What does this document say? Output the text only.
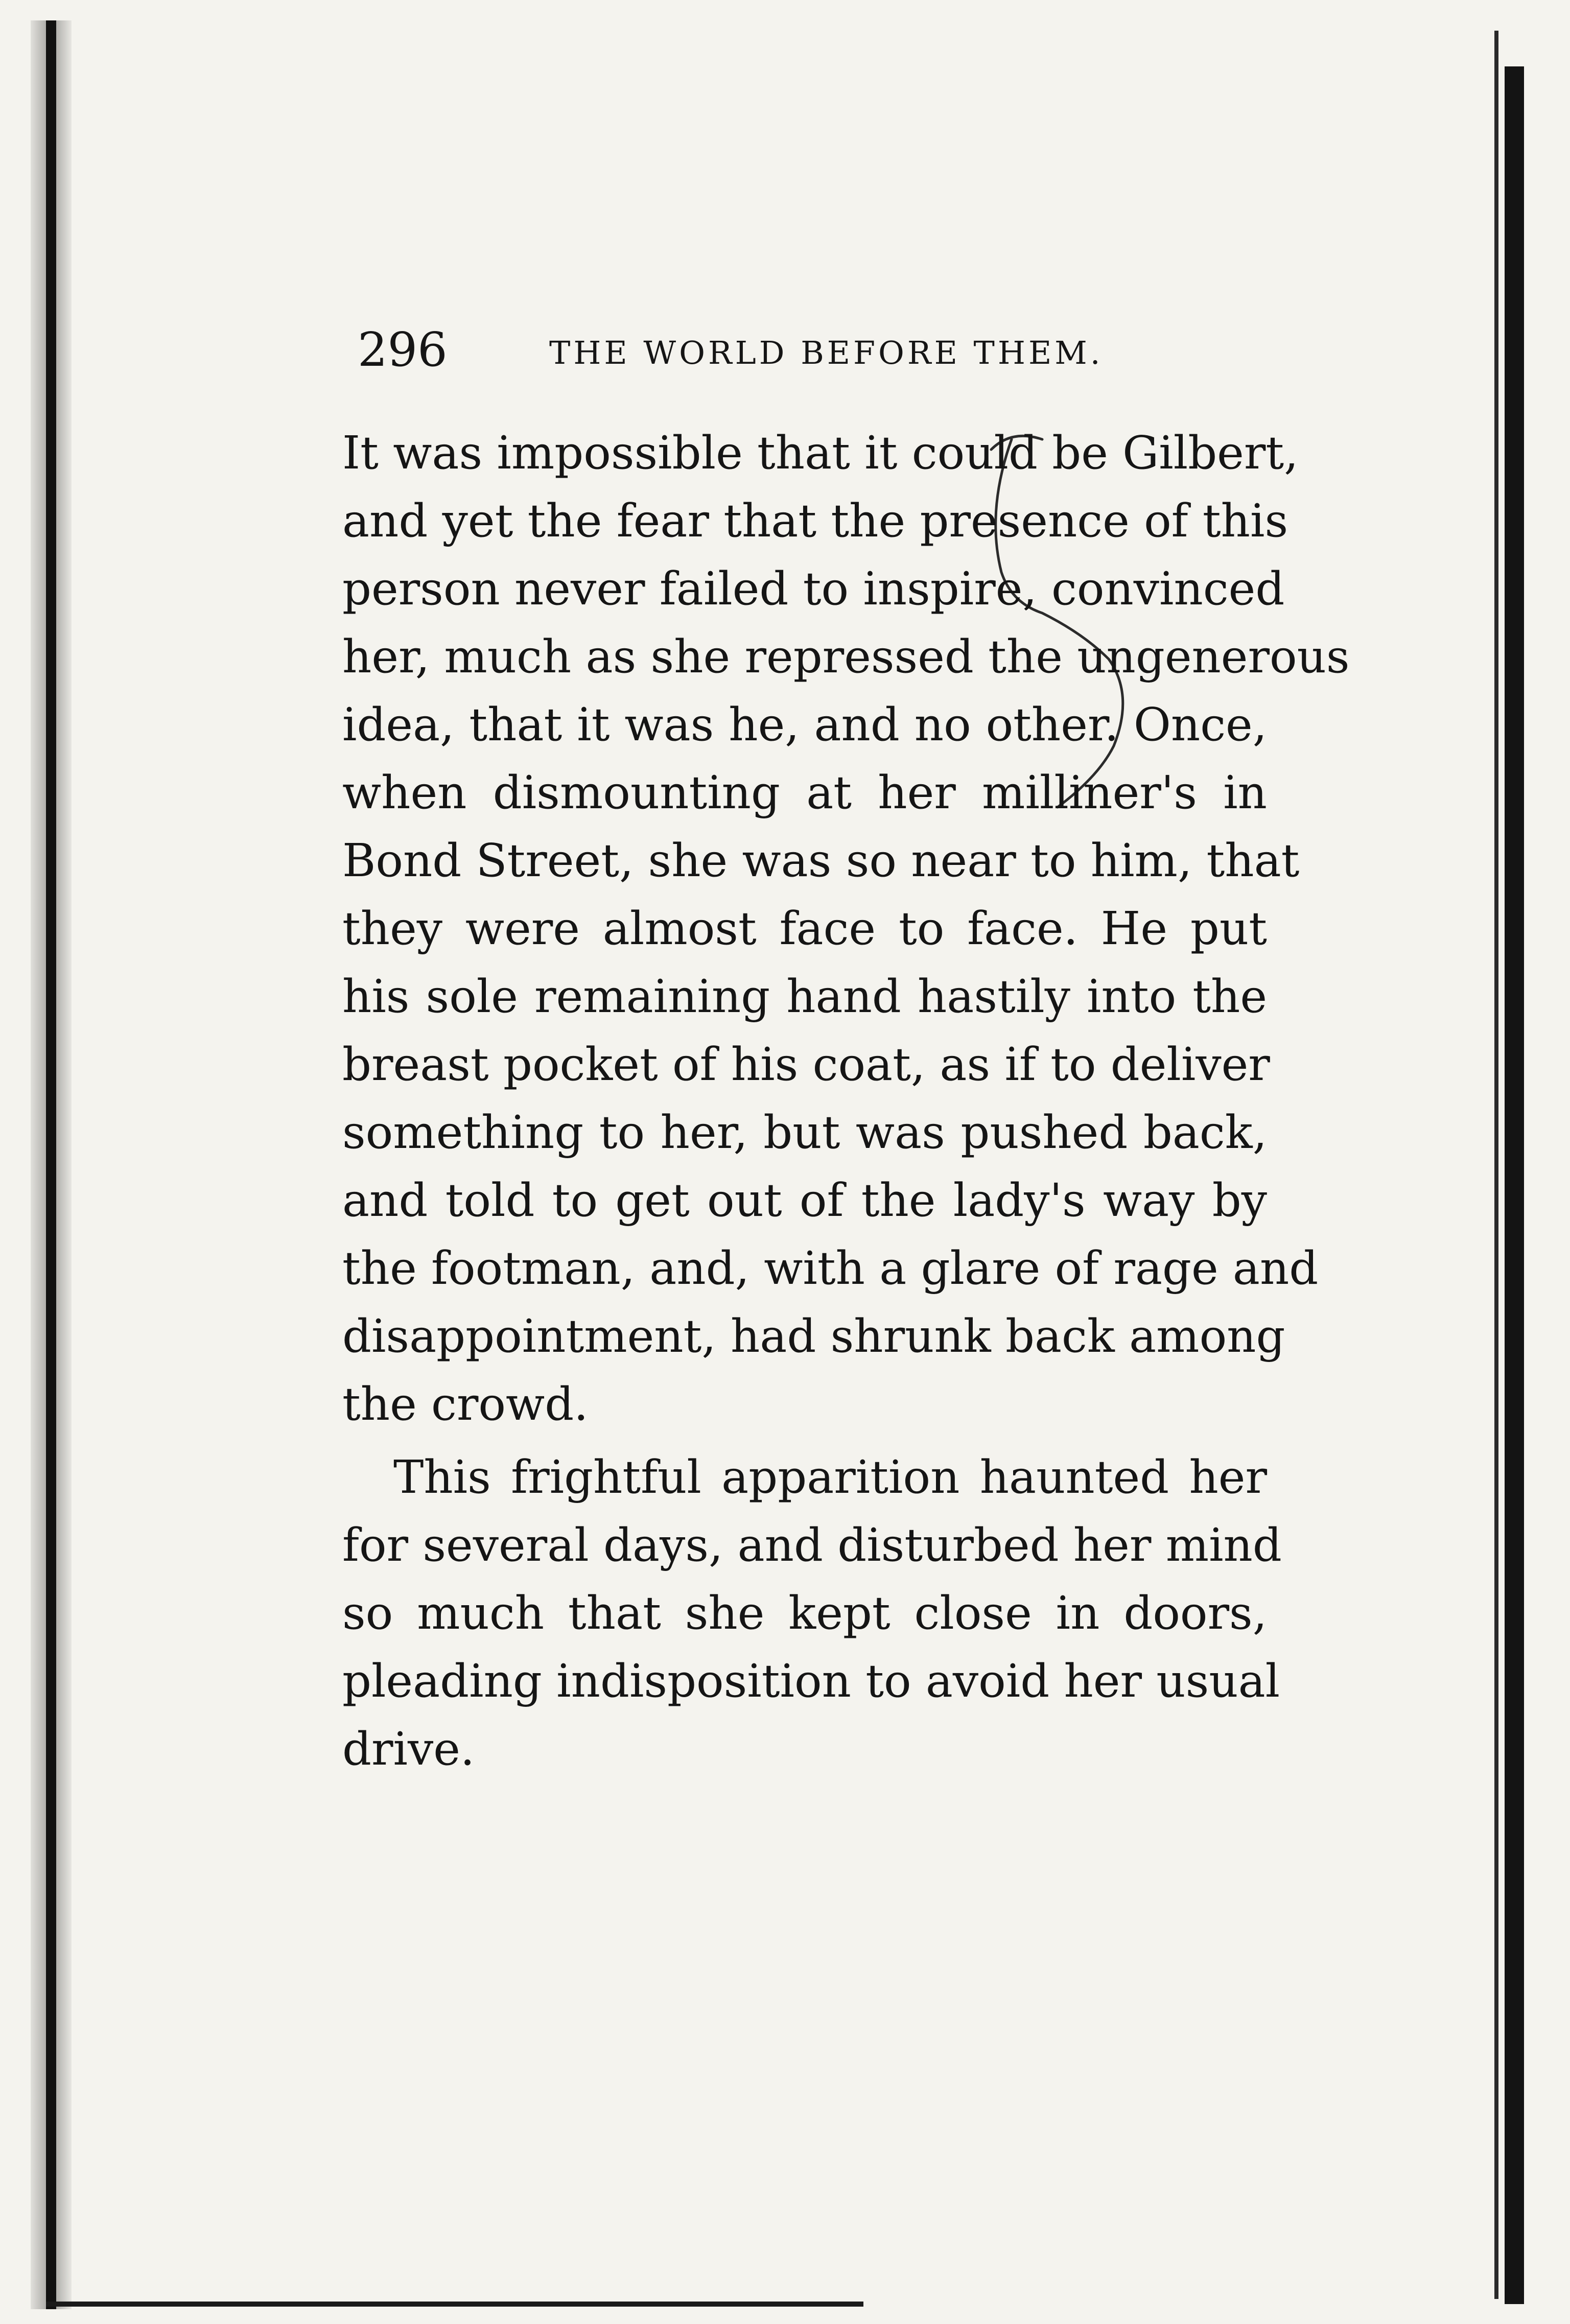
296	THE WORLD BEFORE THEM.
It was impossible that it could be Gilbert,
and yet the fear that the presence of this
person never failed to inspire, convinced
her, much as she repressed the ungenerous
idea, that it was he, and no other. Once,
when dismounting at her milliner's in
Bond Street, she was so near to him, that
they were almost face to face. He put
his sole remaining hand hastily into the
breast pocket of his coat, as if to deliver
something to her, but was pushed back,
and told to get out of the lady's way by
the footman, and, with a glare of rage and
disappointment, had shrunk back among
the crowd.
This frightful apparition haunted her
for several days, and disturbed her mind
so much that she kept close in doors,
pleading indisposition to avoid her usual
drive.
